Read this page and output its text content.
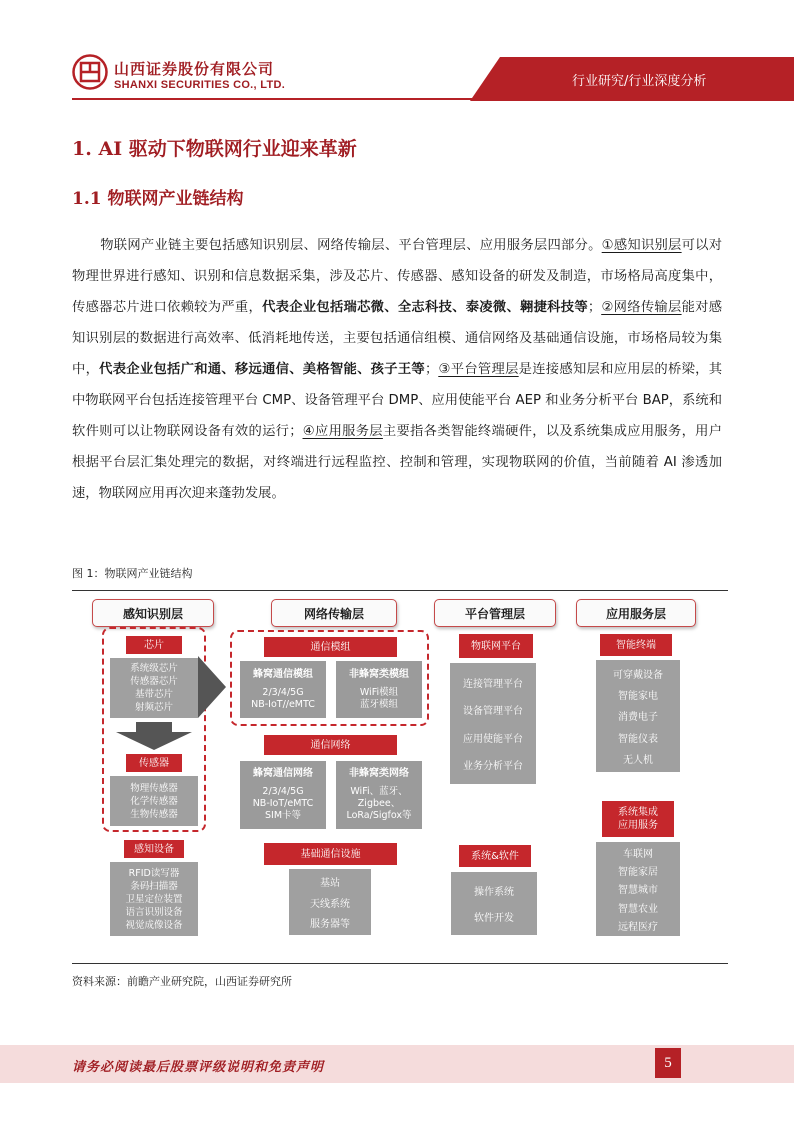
山西证券股份有限公司
SHANXI SECURITIES CO., LTD.	行业研究/行业深度分析
1. AI 驱动下物联网行业迎来革新
1.1 物联网产业链结构
物联网产业链主要包括感知识别层、网络传输层、平台管理层、应用服务层四部分。①感知识别层可以对物理世界进行感知、识别和信息数据采集，涉及芯片、传感器、感知设备的研发及制造，市场格局高度集中，传感器芯片进口依赖较为严重，代表企业包括瑞芯微、全志科技、泰凌微、翱捷科技等；②网络传输层能对感知识别层的数据进行高效率、低消耗地传送，主要包括通信组模、通信网络及基础通信设施，市场格局较为集中，代表企业包括广和通、移远通信、美格智能、孩子王等；③平台管理层是连接感知层和应用层的桥梁，其中物联网平台包括连接管理平台 CMP、设备管理平台 DMP、应用使能平台 AEP 和业务分析平台 BAP，系统和软件则可以让物联网设备有效的运行；④应用服务层主要指各类智能终端硬件，以及系统集成应用服务，用户根据平台层汇集处理完的数据，对终端进行远程监控、控制和管理，实现物联网的价值，当前随着 AI 渗透加速，物联网应用再次迎来蓬勃发展。
图 1：物联网产业链结构
感知识别层	网络传输层	平台管理层	应用服务层
芯片
系统级芯片
传感器芯片
基带芯片
射频芯片
传感器
物理传感器
化学传感器
生物传感器
感知设备
RFID读写器
条码扫描器
卫星定位装置
语言识别设备
视觉成像设备
通信模组
蜂窝通信模组
2/3/4/5G
NB-IoT//eMTC
非蜂窝类模组
WiFi模组
蓝牙模组
通信网络
蜂窝通信网络
2/3/4/5G
NB-IoT/eMTC
SIM卡等
非蜂窝类网络
WiFi、蓝牙、
Zigbee、
LoRa/Sigfox等
基础通信设施
基站
天线系统
服务器等
物联网平台
连接管理平台
设备管理平台
应用使能平台
业务分析平台
系统&软件
操作系统
软件开发
智能终端
可穿戴设备
智能家电
消费电子
智能仪表
无人机
系统集成
应用服务
车联网
智能家居
智慧城市
智慧农业
远程医疗
资料来源：前瞻产业研究院，山西证券研究所
请务必阅读最后股票评级说明和免责声明	5
